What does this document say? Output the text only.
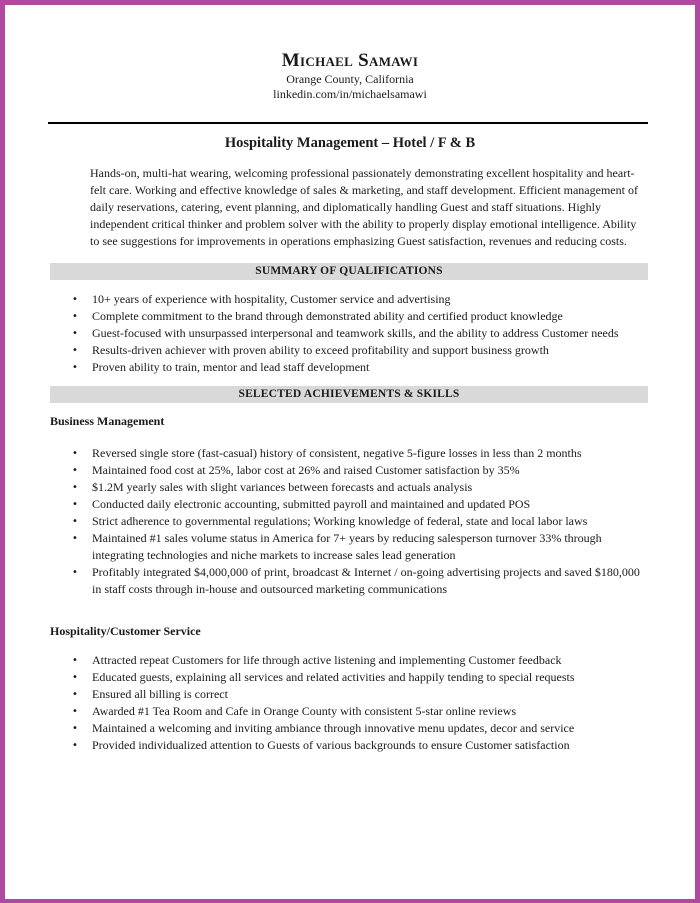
Michael Samawi
Orange County, California
linkedin.com/in/michaelsamawi
Hospitality Management – Hotel / F & B
Hands-on, multi-hat wearing, welcoming professional passionately demonstrating excellent hospitality and heart-felt care. Working and effective knowledge of sales & marketing, and staff development. Efficient management of daily reservations, catering, event planning, and diplomatically handling Guest and staff situations. Highly independent critical thinker and problem solver with the ability to properly display emotional intelligence. Ability to see suggestions for improvements in operations emphasizing Guest satisfaction, revenues and reducing costs.
SUMMARY OF QUALIFICATIONS
• 10+ years of experience with hospitality, Customer service and advertising
• Complete commitment to the brand through demonstrated ability and certified product knowledge
• Guest-focused with unsurpassed interpersonal and teamwork skills, and the ability to address Customer needs
• Results-driven achiever with proven ability to exceed profitability and support business growth
• Proven ability to train, mentor and lead staff development
SELECTED ACHIEVEMENTS & SKILLS
Business Management
• Reversed single store (fast-casual) history of consistent, negative 5-figure losses in less than 2 months
• Maintained food cost at 25%, labor cost at 26% and raised Customer satisfaction by 35%
• $1.2M yearly sales with slight variances between forecasts and actuals analysis
• Conducted daily electronic accounting, submitted payroll and maintained and updated POS
• Strict adherence to governmental regulations; Working knowledge of federal, state and local labor laws
• Maintained #1 sales volume status in America for 7+ years by reducing salesperson turnover 33% through integrating technologies and niche markets to increase sales lead generation
• Profitably integrated $4,000,000 of print, broadcast & Internet / on-going advertising projects and saved $180,000 in staff costs through in-house and outsourced marketing communications
Hospitality/Customer Service
• Attracted repeat Customers for life through active listening and implementing Customer feedback
• Educated guests, explaining all services and related activities and happily tending to special requests
• Ensured all billing is correct
• Awarded #1 Tea Room and Cafe in Orange County with consistent 5-star online reviews
• Maintained a welcoming and inviting ambiance through innovative menu updates, decor and service
• Provided individualized attention to Guests of various backgrounds to ensure Customer satisfaction
